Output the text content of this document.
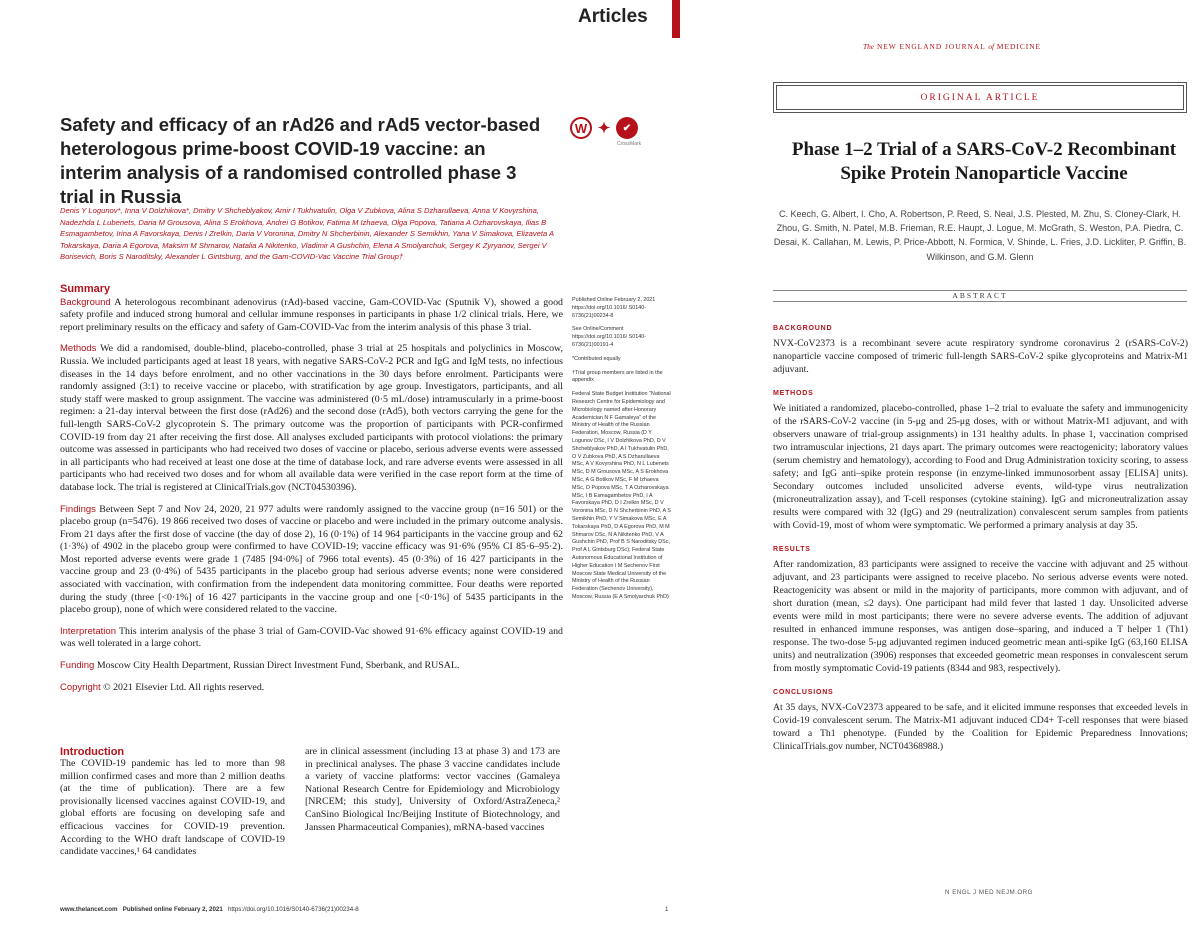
Articles
Safety and efficacy of an rAd26 and rAd5 vector-based heterologous prime-boost COVID-19 vaccine: an interim analysis of a randomised controlled phase 3 trial in Russia
W ✦	✔
CrossMark

Denis Y Logunov*, Inna V Dolzhikova*, Dmitry V Shcheblyakov, Amir I Tukhvatulin, Olga V Zubkova, Alina S Dzharullaeva, Anna V Kovyrshina, Nadezhda L Lubenets, Daria M Grousova, Alina S Erokhova, Andrei G Botikov, Fatima M Izhaeva, Olga Popova, Tatiana A Ozharovskaya, Ilias B Esmagambetov, Irina A Favorskaya, Denis I Zrelkin, Daria V Voronina, Dmitry N Shcherbinin, Alexander S Semikhin, Yana V Simakova, Elizaveta A Tokarskaya, Daria A Egorova, Maksim M Shmarov, Natalia A Nikitenko, Vladimir A Gushchin, Elena A Smolyarchuk, Sergey K Zyryanov, Sergei V Borisevich, Boris S Naroditsky, Alexander L Gintsburg, and the Gam-COVID-Vac Vaccine Trial Group†

Summary

Background A heterologous recombinant adenovirus (rAd)-based vaccine, Gam-COVID-Vac (Sputnik V), showed a good safety profile and induced strong humoral and cellular immune responses in participants in phase 1/2 clinical trials. Here, we report preliminary results on the efficacy and safety of Gam-COVID-Vac from the interim analysis of this phase 3 trial.

Methods We did a randomised, double-blind, placebo-controlled, phase 3 trial at 25 hospitals and polyclinics in Moscow, Russia. We included participants aged at least 18 years, with negative SARS-CoV-2 PCR and IgG and IgM tests, no infectious diseases in the 14 days before enrolment, and no other vaccinations in the 30 days before enrolment. Participants were randomly assigned (3:1) to receive vaccine or placebo, with stratification by age group. Investigators, participants, and all study staff were masked to group assignment. The vaccine was administered (0·5 mL/dose) intramuscularly in a prime-boost regimen: a 21-day interval between the first dose (rAd26) and the second dose (rAd5), both vectors carrying the gene for the full-length SARS-CoV-2 glycoprotein S. The primary outcome was the proportion of participants with PCR-confirmed COVID-19 from day 21 after receiving the first dose. All analyses excluded participants with protocol violations: the primary outcome was assessed in participants who had received two doses of vaccine or placebo, serious adverse events were assessed in all participants who had received at least one dose at the time of database lock, and rare adverse events were assessed in all participants who had received two doses and for whom all available data were verified in the case report form at the time of database lock. The trial is registered at ClinicalTrials.gov (NCT04530396).

Findings Between Sept 7 and Nov 24, 2020, 21 977 adults were randomly assigned to the vaccine group (n=16 501) or the placebo group (n=5476). 19 866 received two doses of vaccine or placebo and were included in the primary outcome analysis. From 21 days after the first dose of vaccine (the day of dose 2), 16 (0·1%) of 14 964 participants in the vaccine group and 62 (1·3%) of 4902 in the placebo group were confirmed to have COVID-19; vaccine efficacy was 91·6% (95% CI 85·6–95·2). Most reported adverse events were grade 1 (7485 [94·0%] of 7966 total events). 45 (0·3%) of 16 427 participants in the vaccine group and 23 (0·4%) of 5435 participants in the placebo group had serious adverse events; none were considered associated with vaccination, with confirmation from the independent data monitoring committee. Four deaths were reported during the study (three [<0·1%] of 16 427 participants in the vaccine group and one [<0·1%] of 5435 participants in the placebo group), none of which were considered related to the vaccine.

Interpretation This interim analysis of the phase 3 trial of Gam-COVID-Vac showed 91·6% efficacy against COVID-19 and was well tolerated in a large cohort.

Funding Moscow City Health Department, Russian Direct Investment Fund, Sberbank, and RUSAL.

Copyright © 2021 Elsevier Ltd. All rights reserved.

Published Online February 2, 2021 https://doi.org/10.1016/ S0140-6736(21)00234-8
See Online/Comment https://doi.org/10.1016/ S0140-6736(21)00191-4
*Contributed equally
†Trial group members are listed in the appendix
Federal State Budget Institution "National Research Centre for Epidemiology and Microbiology named after Honorary Academician N F Gamaleya" of the Ministry of Health of the Russian Federation, Moscow, Russia (D Y Logunov DSc, I V Dolzhikova PhD, D V Shcheblyakov PhD, A I Tukhvatulin PhD, O V Zubkova PhD, A S Dzharullaeva MSc, A V Kovyrshina PhD, N L Lubenets MSc, D M Grousova MSc, A S Erokhova MSc, A G Botikov MSc, F M Izhaeva MSc, O Popova MSc, T A Ozharovskaya MSc, I B Esmagambetov PhD, I A Favorskaya PhD, D I Zrelkin MSc, D V Voronina MSc, D N Shcherbinin PhD, A S Semikhin PhD, Y V Simakova MSc, E A Tokarskaya PhD, D A Egorova PhD, M M Shmarov DSc, N A Nikitenko PhD, V A Gushchin PhD, Prof B S Naroditsky DSc, Prof A L Gintsburg DSc); Federal State Autonomous Educational Institution of Higher Education I M Sechenov First Moscow State Medical University of the Ministry of Health of the Russian Federation (Sechenov University), Moscow, Russia (E A Smolyarchuk PhD)
Introduction

The COVID-19 pandemic has led to more than 98 million confirmed cases and more than 2 million deaths (at the time of publication). There are a few provisionally licensed vaccines against COVID-19, and global efforts are focusing on developing safe and efficacious vaccines for COVID-19 prevention. According to the WHO draft landscape of COVID-19 candidate vaccines,¹ 64 candidates

are in clinical assessment (including 13 at phase 3) and 173 are in preclinical analyses. The phase 3 vaccine candidates include a variety of vaccine platforms: vector vaccines (Gamaleya National Research Centre for Epidemiology and Microbiology [NRCEM; this study], University of Oxford/AstraZeneca,² CanSino Biological Inc/Beijing Institute of Biotechnology, and Janssen Pharmaceutical Companies), mRNA-based vaccines

www.thelancet.com Published online February 2, 2021 https://doi.org/10.1016/S0140-6736(21)00234-8	1
The NEW ENGLAND JOURNAL of MEDICINE
ORIGINAL ARTICLE
Phase 1–2 Trial of a SARS-CoV-2 Recombinant Spike Protein Nanoparticle Vaccine

C. Keech, G. Albert, I. Cho, A. Robertson, P. Reed, S. Neal, J.S. Plested, M. Zhu, S. Cloney-Clark, H. Zhou, G. Smith, N. Patel, M.B. Frieman, R.E. Haupt, J. Logue, M. McGrath, S. Weston, P.A. Piedra, C. Desai, K. Callahan, M. Lewis, P. Price-Abbott, N. Formica, V. Shinde, L. Fries, J.D. Lickliter, P. Griffin, B. Wilkinson, and G.M. Glenn

ABSTRACT
BACKGROUND

NVX-CoV2373 is a recombinant severe acute respiratory syndrome coronavirus 2 (rSARS-CoV-2) nanoparticle vaccine composed of trimeric full-length SARS-CoV-2 spike glycoproteins and Matrix-M1 adjuvant.

METHODS

We initiated a randomized, placebo-controlled, phase 1–2 trial to evaluate the safety and immunogenicity of the rSARS-CoV-2 vaccine (in 5-μg and 25-μg doses, with or without Matrix-M1 adjuvant, and with observers unaware of trial-group assignments) in 131 healthy adults. In phase 1, vaccination comprised two intramuscular injections, 21 days apart. The primary outcomes were reactogenicity; laboratory values (serum chemistry and hematology), according to Food and Drug Administration toxicity scoring, to assess safety; and IgG anti–spike protein response (in enzyme-linked immunosorbent assay [ELISA] units). Secondary outcomes included unsolicited adverse events, wild-type virus neutralization (microneutralization assay), and T-cell responses (cytokine staining). IgG and microneutralization assay results were compared with 32 (IgG) and 29 (neutralization) convalescent serum samples from patients with Covid-19, most of whom were symptomatic. We performed a primary analysis at day 35.

RESULTS

After randomization, 83 participants were assigned to receive the vaccine with adjuvant and 25 without adjuvant, and 23 participants were assigned to receive placebo. No serious adverse events were noted. Reactogenicity was absent or mild in the majority of participants, more common with adjuvant, and of short duration (mean, ≤2 days). One participant had mild fever that lasted 1 day. Unsolicited adverse events were mild in most participants; there were no severe adverse events. The addition of adjuvant resulted in enhanced immune responses, was antigen dose–sparing, and induced a T helper 1 (Th1) response. The two-dose 5-μg adjuvanted regimen induced geometric mean anti-spike IgG (63,160 ELISA units) and neutralization (3906) responses that exceeded geometric mean responses in convalescent serum from mostly symptomatic Covid-19 patients (8344 and 983, respectively).

CONCLUSIONS

At 35 days, NVX-CoV2373 appeared to be safe, and it elicited immune responses that exceeded levels in Covid-19 convalescent serum. The Matrix-M1 adjuvant induced CD4+ T-cell responses that were biased toward a Th1 phenotype. (Funded by the Coalition for Epidemic Preparedness Innovations; ClinicalTrials.gov number, NCT04368988.)

N ENGL J MED NEJM.ORG
